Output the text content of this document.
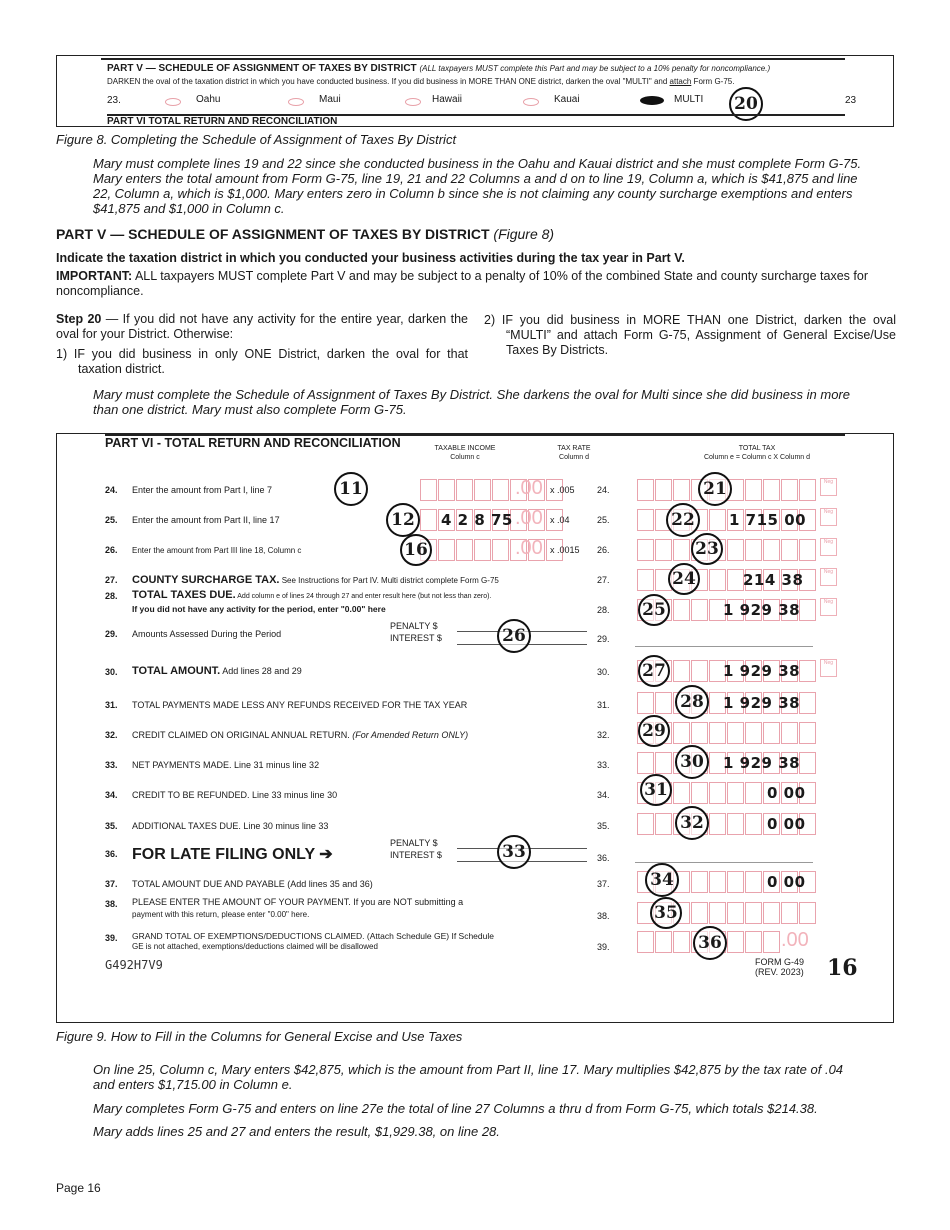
PART V — SCHEDULE OF ASSIGNMENT OF TAXES BY DISTRICT (ALL taxpayers MUST complete this Part and may be subject to a 10% penalty for noncompliance.)
DARKEN the oval of the taxation district in which you have conducted business. If you did business in MORE THAN ONE district, darken the oval "MULTI" and attach Form G-75.
23.	Oahu	Maui	Hawaii	Kauai	MULTI	20	23
PART VI TOTAL RETURN AND RECONCILIATION
Figure 8. Completing the Schedule of Assignment of Taxes By District
Mary must complete lines 19 and 22 since she conducted business in the Oahu and Kauai district and she must complete Form G-75. Mary enters the total amount from Form G-75, line 19, 21 and 22 Columns a and d on to line 19, Column a, which is $41,875 and line 22, Column a, which is $1,000. Mary enters zero in Column b since she is not claiming any county surcharge exemptions and enters $41,875 and $1,000 in Column c.
PART V — SCHEDULE OF ASSIGNMENT OF TAXES BY DISTRICT (Figure 8)
Indicate the taxation district in which you conducted your business activities during the tax year in Part V.
IMPORTANT: ALL taxpayers MUST complete Part V and may be subject to a penalty of 10% of the combined State and county surcharge taxes for noncompliance.
Step 20 — If you did not have any activity for the entire year, darken the oval for your District. Otherwise:
1) IF you did business in only ONE District, darken the oval for that taxation district.
2) IF you did business in MORE THAN one District, darken the oval “MULTI” and attach Form G-75, Assignment of General Excise/Use Taxes By Districts.
Mary must complete the Schedule of Assignment of Taxes By District. She darkens the oval for Multi since she did business in more than one district. Mary must also complete Form G-75.
PART VI - TOTAL RETURN AND RECONCILIATION	TAXABLE INCOME
Column c
TAX RATE
Column d
TOTAL TAX
Column e = Column c X Column d
24. Enter the amount from Part I, line 7	.00 x .005 24.
Neg
25. Enter the amount from Part II, line 17	4 2 8 75 .00 x .04	25.	1 715 00	Neg
26. Enter the amount from Part III line 18, Column c	.00 x .0015 26.
Neg
27. COUNTY SURCHARGE TAX. See Instructions for Part IV. Multi district complete Form G-75	27.	214 38	Neg
28. TOTAL TAXES DUE. Add column e of lines 24 through 27 and enter result here (but not less than zero).
If you did not have any activity for the period, enter "0.00" here	28.	1 929 38	Neg
29. Amounts Assessed During the Period
PENALTY $
INTEREST $	29.
30. TOTAL AMOUNT. Add lines 28 and 29	30.	1 929 38	Neg
31. TOTAL PAYMENTS MADE LESS ANY REFUNDS RECEIVED FOR THE TAX YEAR	31.	1 929 38
32. CREDIT CLAIMED ON ORIGINAL ANNUAL RETURN. (For Amended Return ONLY)	32.
33. NET PAYMENTS MADE. Line 31 minus line 32	33.	1 929 38
34. CREDIT TO BE REFUNDED. Line 33 minus line 30	34.	0 00
35. ADDITIONAL TAXES DUE. Line 30 minus line 33	35.	0 00
36. FOR LATE FILING ONLY ➔
PENALTY $
INTEREST $	36.
37. TOTAL AMOUNT DUE AND PAYABLE (Add lines 35 and 36)	37.	0 00
38. PLEASE ENTER THE AMOUNT OF YOUR PAYMENT. If you are NOT submitting a
payment with this return, please enter "0.00" here.	38.
39. GRAND TOTAL OF EXEMPTIONS/DEDUCTIONS CLAIMED. (Attach Schedule GE) If Schedule
GE is not attached, exemptions/deductions claimed will be disallowed	39.	.00
11	21
12	22
16	23
24
25
26
27
28
29
30
31
32
33
34
35
36
G492H7V9	FORM G-49
(REV. 2023) 16
Figure 9. How to Fill in the Columns for General Excise and Use Taxes
On line 25, Column c, Mary enters $42,875, which is the amount from Part II, line 17. Mary multiplies $42,875 by the tax rate of .04 and enters $1,715.00 in Column e.
Mary completes Form G-75 and enters on line 27e the total of line 27 Columns a thru d from Form G-75, which totals $214.38.
Mary adds lines 25 and 27 and enters the result, $1,929.38, on line 28.
Page 16
